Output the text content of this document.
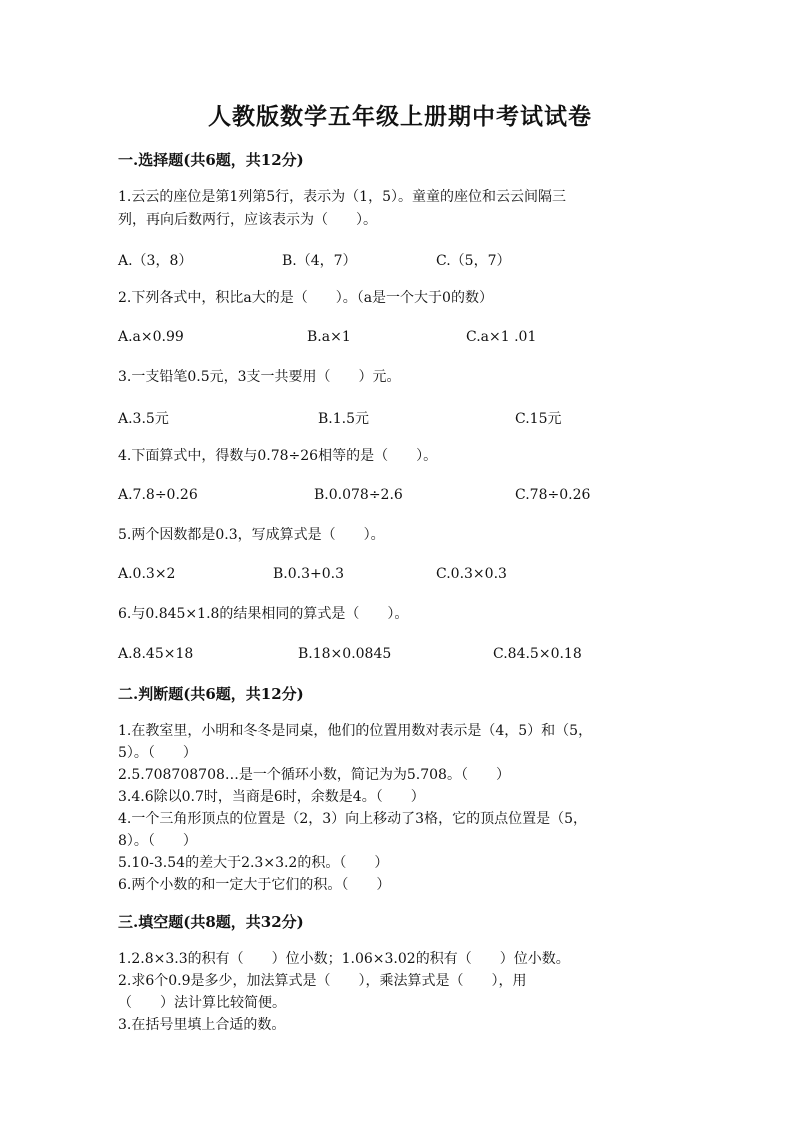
人教版数学五年级上册期中考试试卷
一.选择题(共6题，共12分)
1.云云的座位是第1列第5行，表示为（1，5）。童童的座位和云云间隔三
列，再向后数两行，应该表示为（　　）。
A.（3，8）	B.（4，7）	C.（5，7）
2.下列各式中，积比a大的是（　　）。（a是一个大于0的数）
A.a×0.99	B.a×1	C.a×1 .01
3.一支铅笔0.5元，3支一共要用（　　）元。
A.3.5元	B.1.5元	C.15元
4.下面算式中，得数与0.78÷26相等的是（　　）。
A.7.8÷0.26	B.0.078÷2.6	C.78÷0.26
5.两个因数都是0.3，写成算式是（　　）。
A.0.3×2	B.0.3+0.3	C.0.3×0.3
6.与0.845×1.8的结果相同的算式是（　　）。
A.8.45×18	B.18×0.0845	C.84.5×0.18
二.判断题(共6题，共12分)
1.在教室里，小明和冬冬是同桌，他们的位置用数对表示是（4，5）和（5，
5）。（　　）
2.5.708708708…是一个循环小数，简记为为5.708。（　　）
3.4.6除以0.7时，当商是6时，余数是4。（　　）
4.一个三角形顶点的位置是（2，3）向上移动了3格，它的顶点位置是（5，
8）。（　　）
5.10-3.54的差大于2.3×3.2的积。（　　）
6.两个小数的和一定大于它们的积。（　　）
三.填空题(共8题，共32分)
1.2.8×3.3的积有（　　）位小数；1.06×3.02的积有（　　）位小数。
2.求6个0.9是多少，加法算式是（　　），乘法算式是（　　），用
（　　）法计算比较简便。
3.在括号里填上合适的数。
